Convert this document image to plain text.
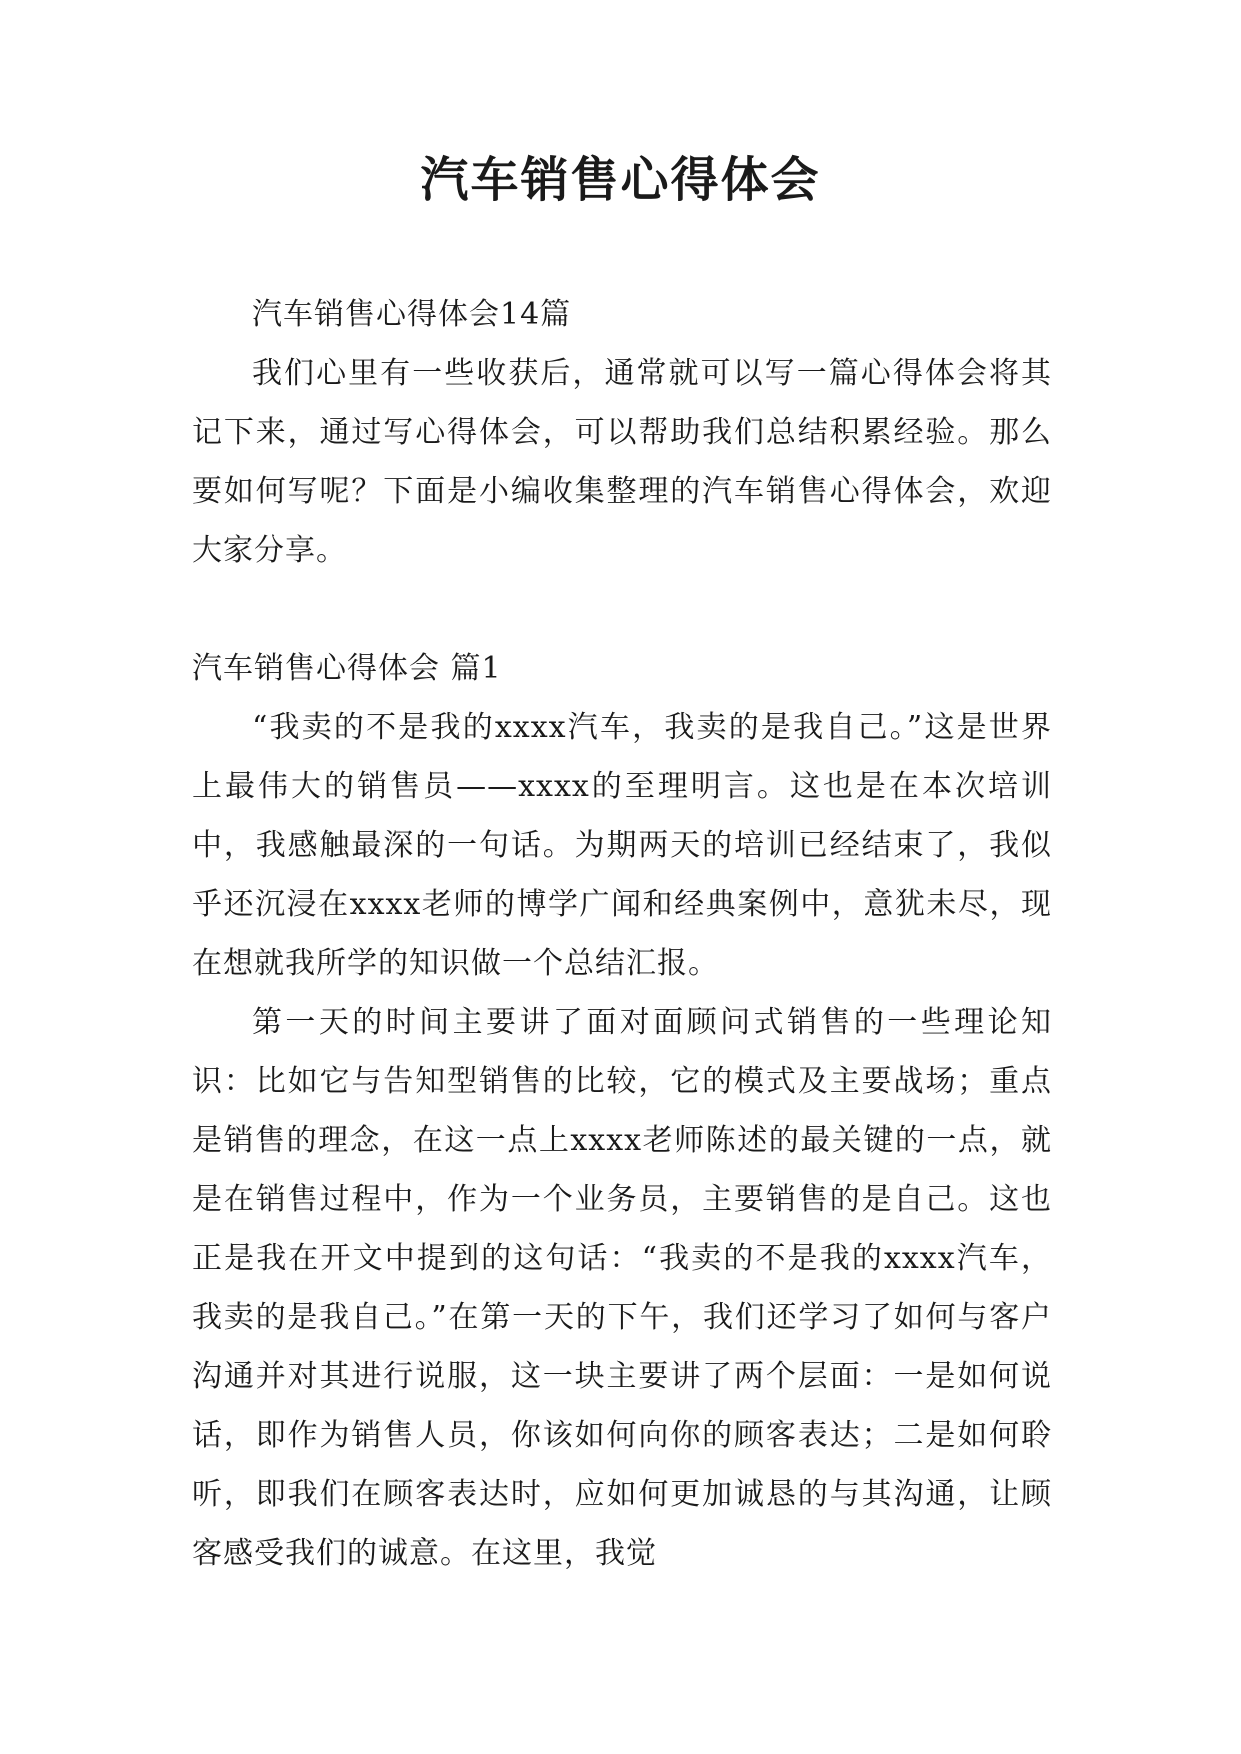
汽车销售心得体会

汽车销售心得体会14篇

我们心里有一些收获后，通常就可以写一篇心得体会将其记下来，通过写心得体会，可以帮助我们总结积累经验。那么要如何写呢？下面是小编收集整理的汽车销售心得体会，欢迎大家分享。

汽车销售心得体会 篇1

“我卖的不是我的xxxx汽车，我卖的是我自己。”这是世界上最伟大的销售员——xxxx的至理明言。这也是在本次培训中，我感触最深的一句话。为期两天的培训已经结束了，我似乎还沉浸在xxxx老师的博学广闻和经典案例中，意犹未尽，现在想就我所学的知识做一个总结汇报。

第一天的时间主要讲了面对面顾问式销售的一些理论知识：比如它与告知型销售的比较，它的模式及主要战场；重点是销售的理念，在这一点上xxxx老师陈述的最关键的一点，就是在销售过程中，作为一个业务员，主要销售的是自己。这也正是我在开文中提到的这句话：“我卖的不是我的xxxx汽车，我卖的是我自己。”在第一天的下午，我们还学习了如何与客户沟通并对其进行说服，这一块主要讲了两个层面：一是如何说话，即作为销售人员，你该如何向你的顾客表达；二是如何聆听，即我们在顾客表达时，应如何更加诚恳的与其沟通，让顾客感受我们的诚意。在这里，我觉
